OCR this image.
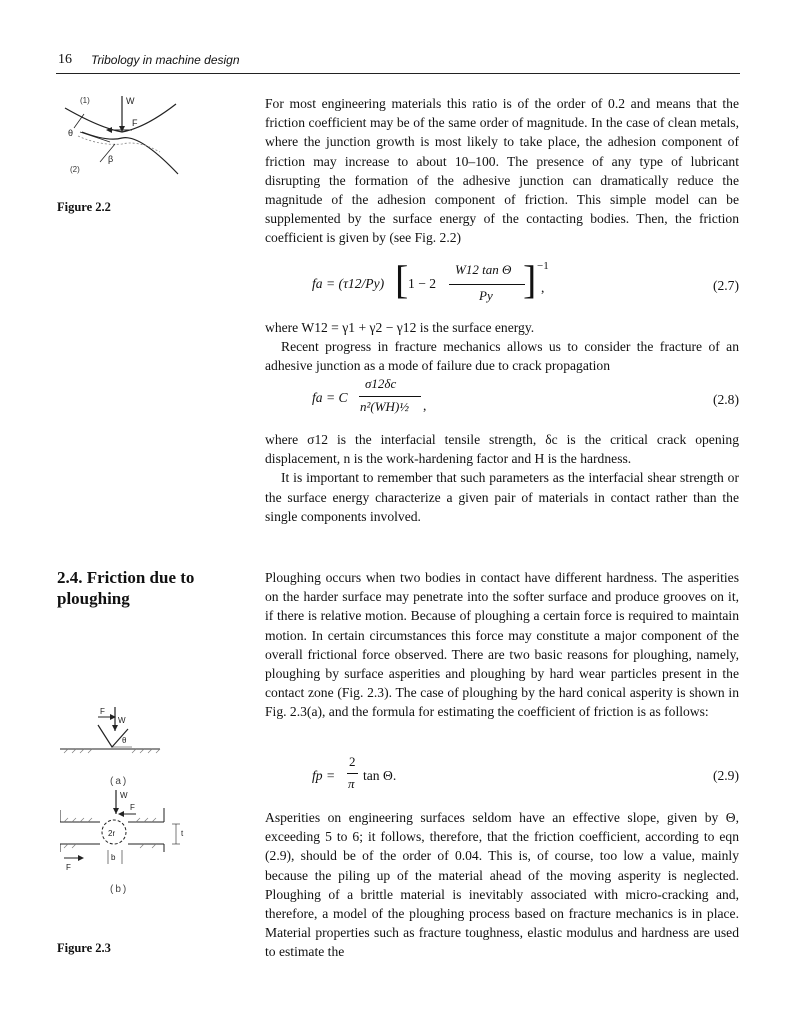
16 Tribology in machine design
(1)	W
F
θ
β
(2)
Figure 2.2

For most engineering materials this ratio is of the order of 0.2 and means that the friction coefficient may be of the same order of magnitude. In the case of clean metals, where the junction growth is most likely to take place, the adhesion component of friction may increase to about 10–100. The presence of any type of lubricant disrupting the formation of the adhesive junction can dramatically reduce the magnitude of the adhesion component of friction. This simple model can be supplemented by the surface energy of the contacting bodies. Then, the friction coefficient is given by (see Fig. 2.2)

fa = (τ12/Py) [ 1 − 2
W12 tan Θ
Py ] −1
,	(2.7)

where W12 = γ1 + γ2 − γ12 is the surface energy.

Recent progress in fracture mechanics allows us to consider the fracture of an adhesive junction as a mode of failure due to crack propagation

fa = C
σ12δc
n²(WH)½ ,	(2.8)

where σ12 is the interfacial tensile strength, δc is the critical crack opening displacement, n is the work-hardening factor and H is the hardness.

It is important to remember that such parameters as the interfacial shear strength or the surface energy characterize a given pair of materials in contact rather than the single components involved.

2.4. Friction due to ploughing

Ploughing occurs when two bodies in contact have different hardness. The asperities on the harder surface may penetrate into the softer surface and produce grooves on it, if there is relative motion. Because of ploughing a certain force is required to maintain motion. In certain circumstances this force may constitute a major component of the overall frictional force observed. There are two basic reasons for ploughing, namely, ploughing by surface asperities and ploughing by hard wear particles present in the contact zone (Fig. 2.3). The case of ploughing by the hard conical asperity is shown in Fig. 2.3(a), and the formula for estimating the coefficient of friction is as follows:

fp =
2
π
tan Θ.	(2.9)

Asperities on engineering surfaces seldom have an effective slope, given by Θ, exceeding 5 to 6; it follows, therefore, that the friction coefficient, according to eqn (2.9), should be of the order of 0.04. This is, of course, too low a value, mainly because the piling up of the material ahead of the moving asperity is neglected. Ploughing of a brittle material is inevitably associated with micro-cracking and, therefore, a model of the ploughing process based on fracture mechanics is in place. Material properties such as fracture toughness, elastic modulus and hardness are used to estimate the

F
W
θ
(a)
W
F
2r
b
F
t
(b)
Figure 2.3
